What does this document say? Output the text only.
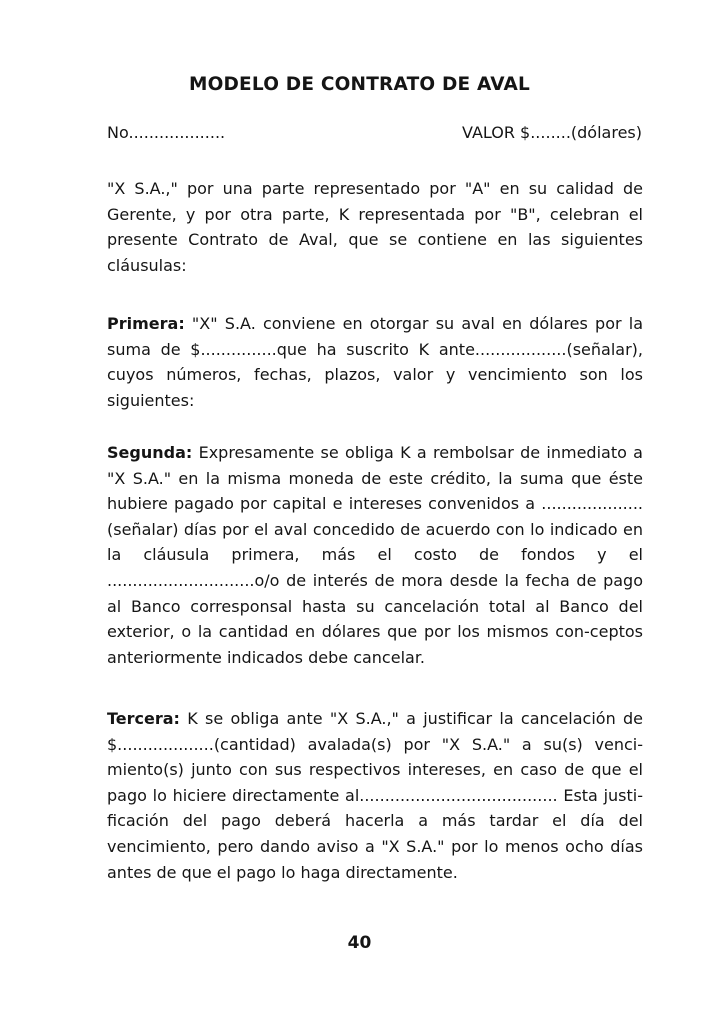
MODELO DE CONTRATO DE AVAL
No...................	VALOR $........(dólares)

"X S.A.," por una parte representado por "A" en su calidad de Gerente, y por otra parte, K representada por "B", celebran el presente Contrato de Aval, que se contiene en las siguientes cláusulas:

Primera: "X" S.A. conviene en otorgar su aval en dólares por la suma de $...............que ha suscrito K ante..................(señalar), cuyos números, fechas, plazos, valor y vencimiento son los siguientes:

Segunda: Expresamente se obliga K a rembolsar de inmediato a "X S.A." en la misma moneda de este crédito, la suma que éste hubiere pagado por capital e intereses convenidos a .................... (señalar) días por el aval concedido de acuerdo con lo indicado en la cláusula primera, más el costo de fondos y el .............................o/o de interés de mora desde la fecha de pago al Banco corresponsal hasta su cancelación total al Banco del exterior, o la cantidad en dólares que por los mismos con-ceptos anteriormente indicados debe cancelar.

Tercera: K se obliga ante "X S.A.," a justificar la cancelación de $...................(cantidad) avalada(s) por "X S.A." a su(s) venci-miento(s) junto con sus respectivos intereses, en caso de que el pago lo hiciere directamente al....................................... Esta justi-ficación del pago deberá hacerla a más tardar el día del vencimiento, pero dando aviso a "X S.A." por lo menos ocho días antes de que el pago lo haga directamente.

40
